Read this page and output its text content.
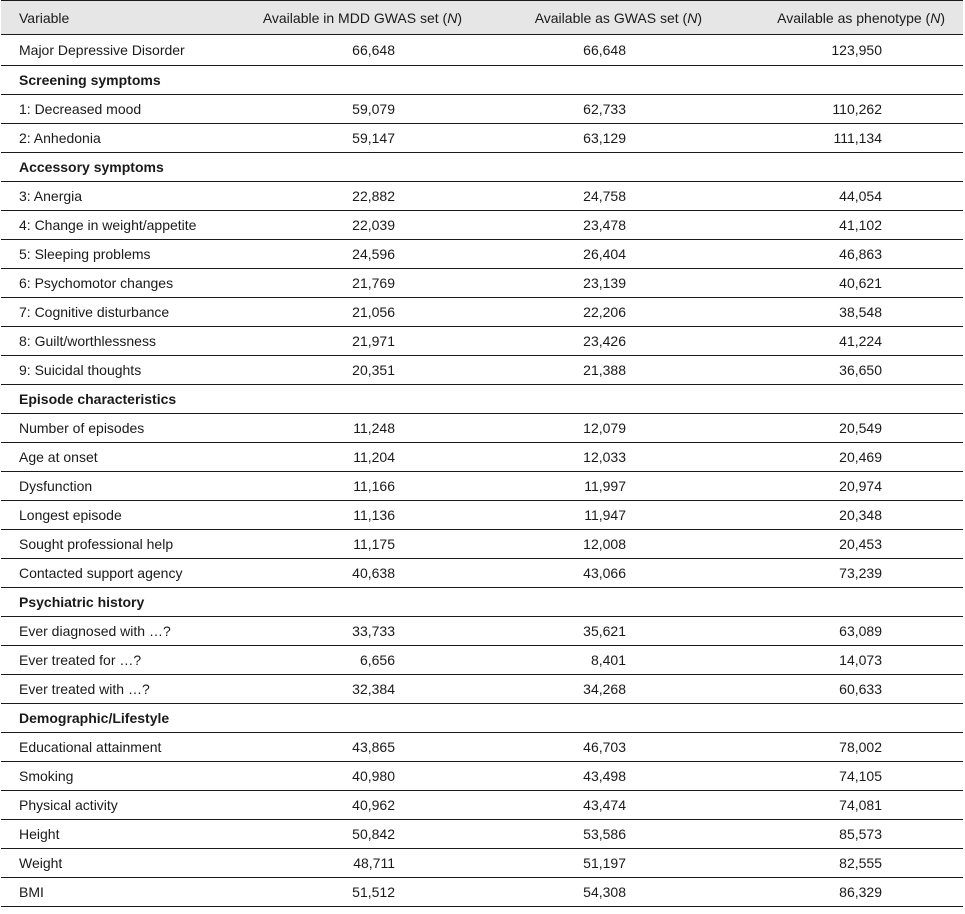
Variable	Available in MDD GWAS set (N)	Available as GWAS set (N)	Available as phenotype (N)
Major Depressive Disorder	66,648	66,648	123,950
Screening symptoms			
1: Decreased mood	59,079	62,733	110,262
2: Anhedonia	59,147	63,129	111,134
Accessory symptoms			
3: Anergia	22,882	24,758	44,054
4: Change in weight/appetite	22,039	23,478	41,102
5: Sleeping problems	24,596	26,404	46,863
6: Psychomotor changes	21,769	23,139	40,621
7: Cognitive disturbance	21,056	22,206	38,548
8: Guilt/worthlessness	21,971	23,426	41,224
9: Suicidal thoughts	20,351	21,388	36,650
Episode characteristics			
Number of episodes	11,248	12,079	20,549
Age at onset	11,204	12,033	20,469
Dysfunction	11,166	11,997	20,974
Longest episode	11,136	11,947	20,348
Sought professional help	11,175	12,008	20,453
Contacted support agency	40,638	43,066	73,239
Psychiatric history			
Ever diagnosed with …?	33,733	35,621	63,089
Ever treated for …?	6,656	8,401	14,073
Ever treated with …?	32,384	34,268	60,633
Demographic/Lifestyle			
Educational attainment	43,865	46,703	78,002
Smoking	40,980	43,498	74,105
Physical activity	40,962	43,474	74,081
Height	50,842	53,586	85,573
Weight	48,711	51,197	82,555
BMI	51,512	54,308	86,329
